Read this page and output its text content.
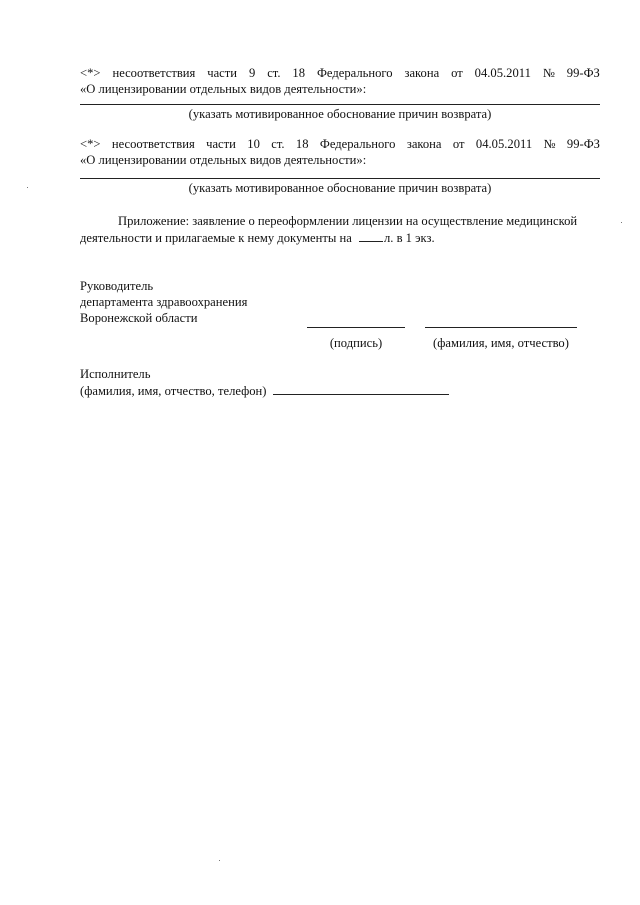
<*> несоответствия части 9 ст. 18 Федерального закона от 04.05.2011 № 99-ФЗ
«О лицензировании отдельных видов деятельности»:
(указать мотивированное обоснование причин возврата)
<*> несоответствия части 10 ст. 18 Федерального закона от 04.05.2011 № 99-ФЗ
«О лицензировании отдельных видов деятельности»:
(указать мотивированное обоснование причин возврата)
Приложение: заявление о переоформлении лицензии на осуществление медицинской
деятельности и прилагаемые к нему документы на	л. в 1 экз.
Руководитель
департамента здравоохранения
Воронежской области
(подпись)	(фамилия, имя, отчество)
Исполнитель
(фамилия, имя, отчество, телефон)
